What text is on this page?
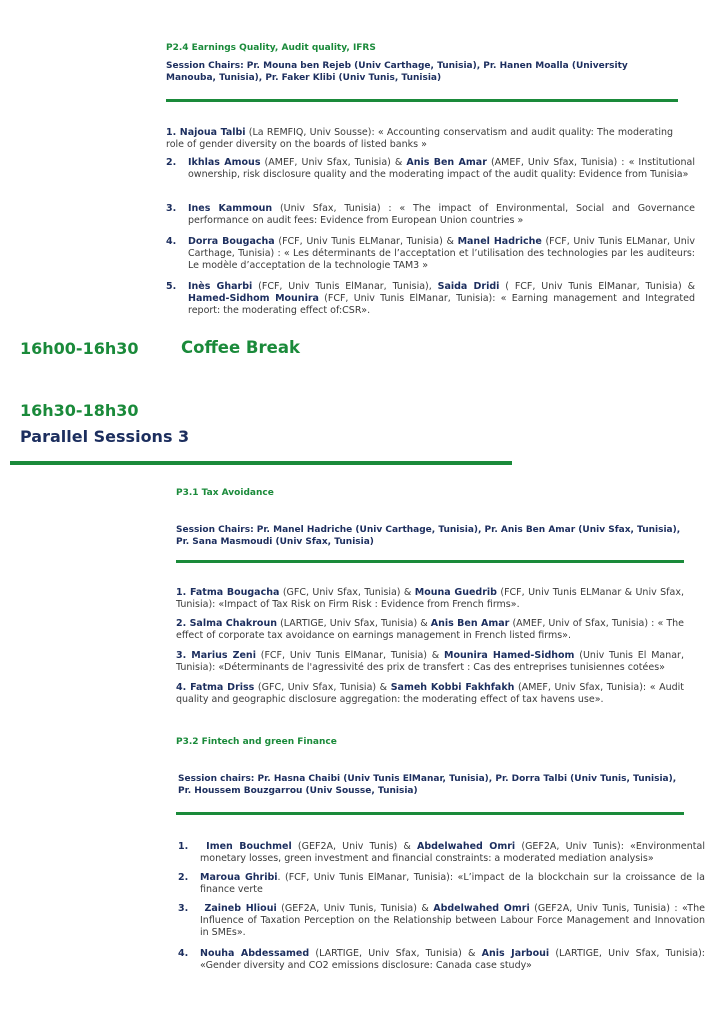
P2.4 Earnings Quality, Audit quality, IFRS
Session Chairs: Pr. Mouna ben Rejeb (Univ Carthage, Tunisia), Pr. Hanen Moalla (University Manouba, Tunisia), Pr. Faker Klibi (Univ Tunis, Tunisia)
1. Najoua Talbi (La REMFIQ, Univ Sousse): « Accounting conservatism and audit quality: The moderating role of gender diversity on the boards of listed banks »
2. Ikhlas Amous (AMEF, Univ Sfax, Tunisia) & Anis Ben Amar (AMEF, Univ Sfax, Tunisia) : « Institutional ownership, risk disclosure quality and the moderating impact of the audit quality: Evidence from Tunisia»
3. Ines Kammoun (Univ Sfax, Tunisia) : « The impact of Environmental, Social and Governance performance on audit fees: Evidence from European Union countries »
4. Dorra Bougacha (FCF, Univ Tunis ELManar, Tunisia) & Manel Hadriche (FCF, Univ Tunis ELManar, Univ Carthage, Tunisia) : « Les déterminants de l’acceptation et l’utilisation des technologies par les auditeurs: Le modèle d’acceptation de la technologie TAM3 »
5. Inès Gharbi (FCF, Univ Tunis ElManar, Tunisia), Saida Dridi ( FCF, Univ Tunis ElManar, Tunisia) & Hamed-Sidhom Mounira (FCF, Univ Tunis ElManar, Tunisia): « Earning management and Integrated report: the moderating effect of:CSR».
16h00-16h30	Coffee Break
16h30-18h30
Parallel Sessions 3
P3.1 Tax Avoidance
Session Chairs: Pr. Manel Hadriche (Univ Carthage, Tunisia), Pr. Anis Ben Amar (Univ Sfax, Tunisia), Pr. Sana Masmoudi (Univ Sfax, Tunisia)
1. Fatma Bougacha (GFC, Univ Sfax, Tunisia) & Mouna Guedrib (FCF, Univ Tunis ELManar & Univ Sfax, Tunisia): «Impact of Tax Risk on Firm Risk : Evidence from French firms».
2. Salma Chakroun (LARTIGE, Univ Sfax, Tunisia) & Anis Ben Amar (AMEF, Univ of Sfax, Tunisia) : « The effect of corporate tax avoidance on earnings management in French listed firms».
3. Marius Zeni (FCF, Univ Tunis ElManar, Tunisia) & Mounira Hamed-Sidhom (Univ Tunis El Manar, Tunisia): «Déterminants de l'agressivité des prix de transfert : Cas des entreprises tunisiennes cotées»
4. Fatma Driss (GFC, Univ Sfax, Tunisia) & Sameh Kobbi Fakhfakh (AMEF, Univ Sfax, Tunisia): « Audit quality and geographic disclosure aggregation: the moderating effect of tax havens use».
P3.2 Fintech and green Finance
Session chairs: Pr. Hasna Chaibi (Univ Tunis ElManar, Tunisia), Pr. Dorra Talbi (Univ Tunis, Tunisia), Pr. Houssem Bouzgarrou (Univ Sousse, Tunisia)
1. Imen Bouchmel (GEF2A, Univ Tunis) & Abdelwahed Omri (GEF2A, Univ Tunis): «Environmental monetary losses, green investment and financial constraints: a moderated mediation analysis»
2. Maroua Ghribi. (FCF, Univ Tunis ElManar, Tunisia): «L’impact de la blockchain sur la croissance de la finance verte
3. Zaineb Hlioui (GEF2A, Univ Tunis, Tunisia) & Abdelwahed Omri (GEF2A, Univ Tunis, Tunisia) : «The Influence of Taxation Perception on the Relationship between Labour Force Management and Innovation in SMEs».
4. Nouha Abdessamed (LARTIGE, Univ Sfax, Tunisia) & Anis Jarboui (LARTIGE, Univ Sfax, Tunisia): «Gender diversity and CO2 emissions disclosure: Canada case study»
